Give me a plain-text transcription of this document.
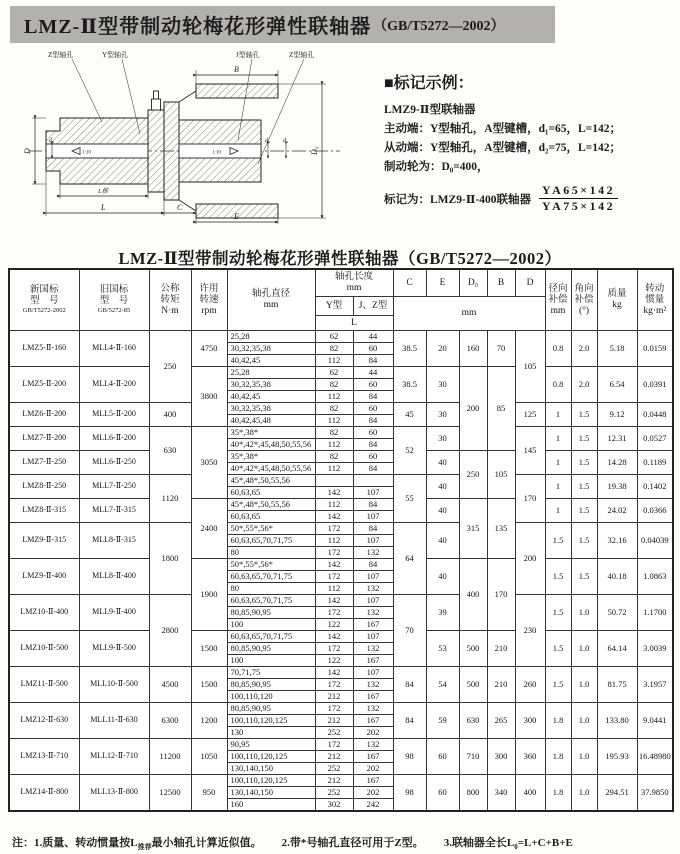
LMZ-Ⅱ型带制动轮梅花形弹性联轴器 （GB/T5272—2002）
1:10	1:10
Z型轴孔	Y型轴孔	J型轴孔	Z型轴孔
B
D
d₁	d₂ d₁
D₀
L推
L	C
E
■标记示例：
LMZ9-Ⅱ型联轴器
主动端：Y型轴孔，A型键槽，d₁=65，L=142；
从动端：Y型轴孔，A型键槽，d₂=75，L=142；
制动轮为：D₀=400，
标记为：LMZ9-Ⅱ-400联轴器 $\frac{YA65\times 142}{YA75\times 142}$
LMZ-Ⅱ型带制动轮梅花形弹性联轴器（GB/T5272—2002）
新国标
型　号
GB/T5272-2002

旧国标
型　号
GB/5272-85

公称
转矩
N·m

许用
转速
rpm

轴孔直径
mm

轴孔长度
mm
	C	E	D₀	B	D	
径向
补偿
mm

角向
补偿
(°)

质量
kg

转动
惯量
kg·m²

					Y型	J、Z型	mm								
					L										
LMZ5-Ⅱ-160	MLL4-Ⅱ-160	250	4750	25,28	62	44	38.5	20	160	70	105	0.8	2.0	5.18	0.0159
				30,32,35,38	82	60									
				40,42,45	112	84									
LMZ5-Ⅱ-200	MLL4-Ⅱ-200		3800	25,28	62	44	38.5	30	200	85		0.8	2.0	6.54	0.0391
				30,32,35,38	82	60									
				40,42,45	112	84									
LMZ6-Ⅱ-200	MLL5-Ⅱ-200	400		30,32,35,38	82	60	45	30			125	1	1.5	9.12	0.0448
				40,42,45,48	112	84									
LMZ7-Ⅱ-200	MLL6-Ⅱ-200	630	3050	35*,38*	82	60	52	30			145	1	1.5	12.31	0.0527
				40*,42*,45,48,50,55,56	112	84									
LMZ7-Ⅱ-250	MLL6-Ⅱ-250			35*,38*	82	60		40	250	105		1	1.5	14.28	0.1189
				40*,42*,45,48,50,55,56	112	84									
LMZ8-Ⅱ-250	MLL7-Ⅱ-250	1120		45*,48*,50,55,56			55	40			170	1	1.5	19.38	0.1402
				60,63,65	142	107									
LMZ8-Ⅱ-315	MLL7-Ⅱ-315		2400	45*,48*,50,55,56	112	84		40	315	135		1	1.5	24.02	0.0366
				60,63,65	142	107									
LMZ9-Ⅱ-315	MLL8-Ⅱ-315	1800		50*,55*,56*	172	84	64	40			200	1.5	1.5	32.16	0.04039
				60,63,65,70,71,75	112	107									
				80	172	132									
LMZ9-Ⅱ-400	MLL8-Ⅱ-400		1900	50*,55*,56*	142	84		40	400	170		1.5	1.5	40.18	1.0863
				60,63,65,70,71,75	172	107									
				80	112	132									
LMZ10-Ⅱ-400	MLL9-Ⅱ-400	2800		60,63,65,70,71,75	142	107	70	39			230	1.5	1.0	50.72	1.1700
				80,85,90,95	172	132									
				100	122	167									
LMZ10-Ⅱ-500	MLL9-Ⅱ-500		1500	60,63,65,70,71,75	142	107		53	500	210		1.5	1.0	64.14	3.0039
				80,85,90,95	172	132									
				100	122	167									
LMZ11-Ⅱ-500	MLL10-Ⅱ-500	4500	1500	70,71,75	142	107	84	54	500	210	260	1.5	1.0	81.75	3.1957
				80,85,90,95	172	132									
				100,110,120	212	167									
LMZ12-Ⅱ-630	MLL11-Ⅱ-630	6300	1200	80,85,90,95	172	132	84	59	630	265	300	1.8	1.0	133.80	9.0441
				100,110,120,125	212	167									
				130	252	202									
LMZ13-Ⅱ-710	MLL12-Ⅱ-710	11200	1050	90,95	172	132	98	60	710	300	360	1.8	1.0	195.93	16.48980
				100,110,120,125	212	167									
				130,140,150	252	202									
LMZ14-Ⅱ-800	MLL13-Ⅱ-800	12500	950	100,110,120,125	212	167	98	60	800	340	400	1.8	1.0	294.51	37.9850
				130,140,150	252	202									
				160	302	242									
注：1.质量、转动惯量按$L_{推荐}$最小轴孔计算近似值。 2.带*号轴孔直径可用于Z型。 3.联轴器全长$L_0=L+C+B+E$
